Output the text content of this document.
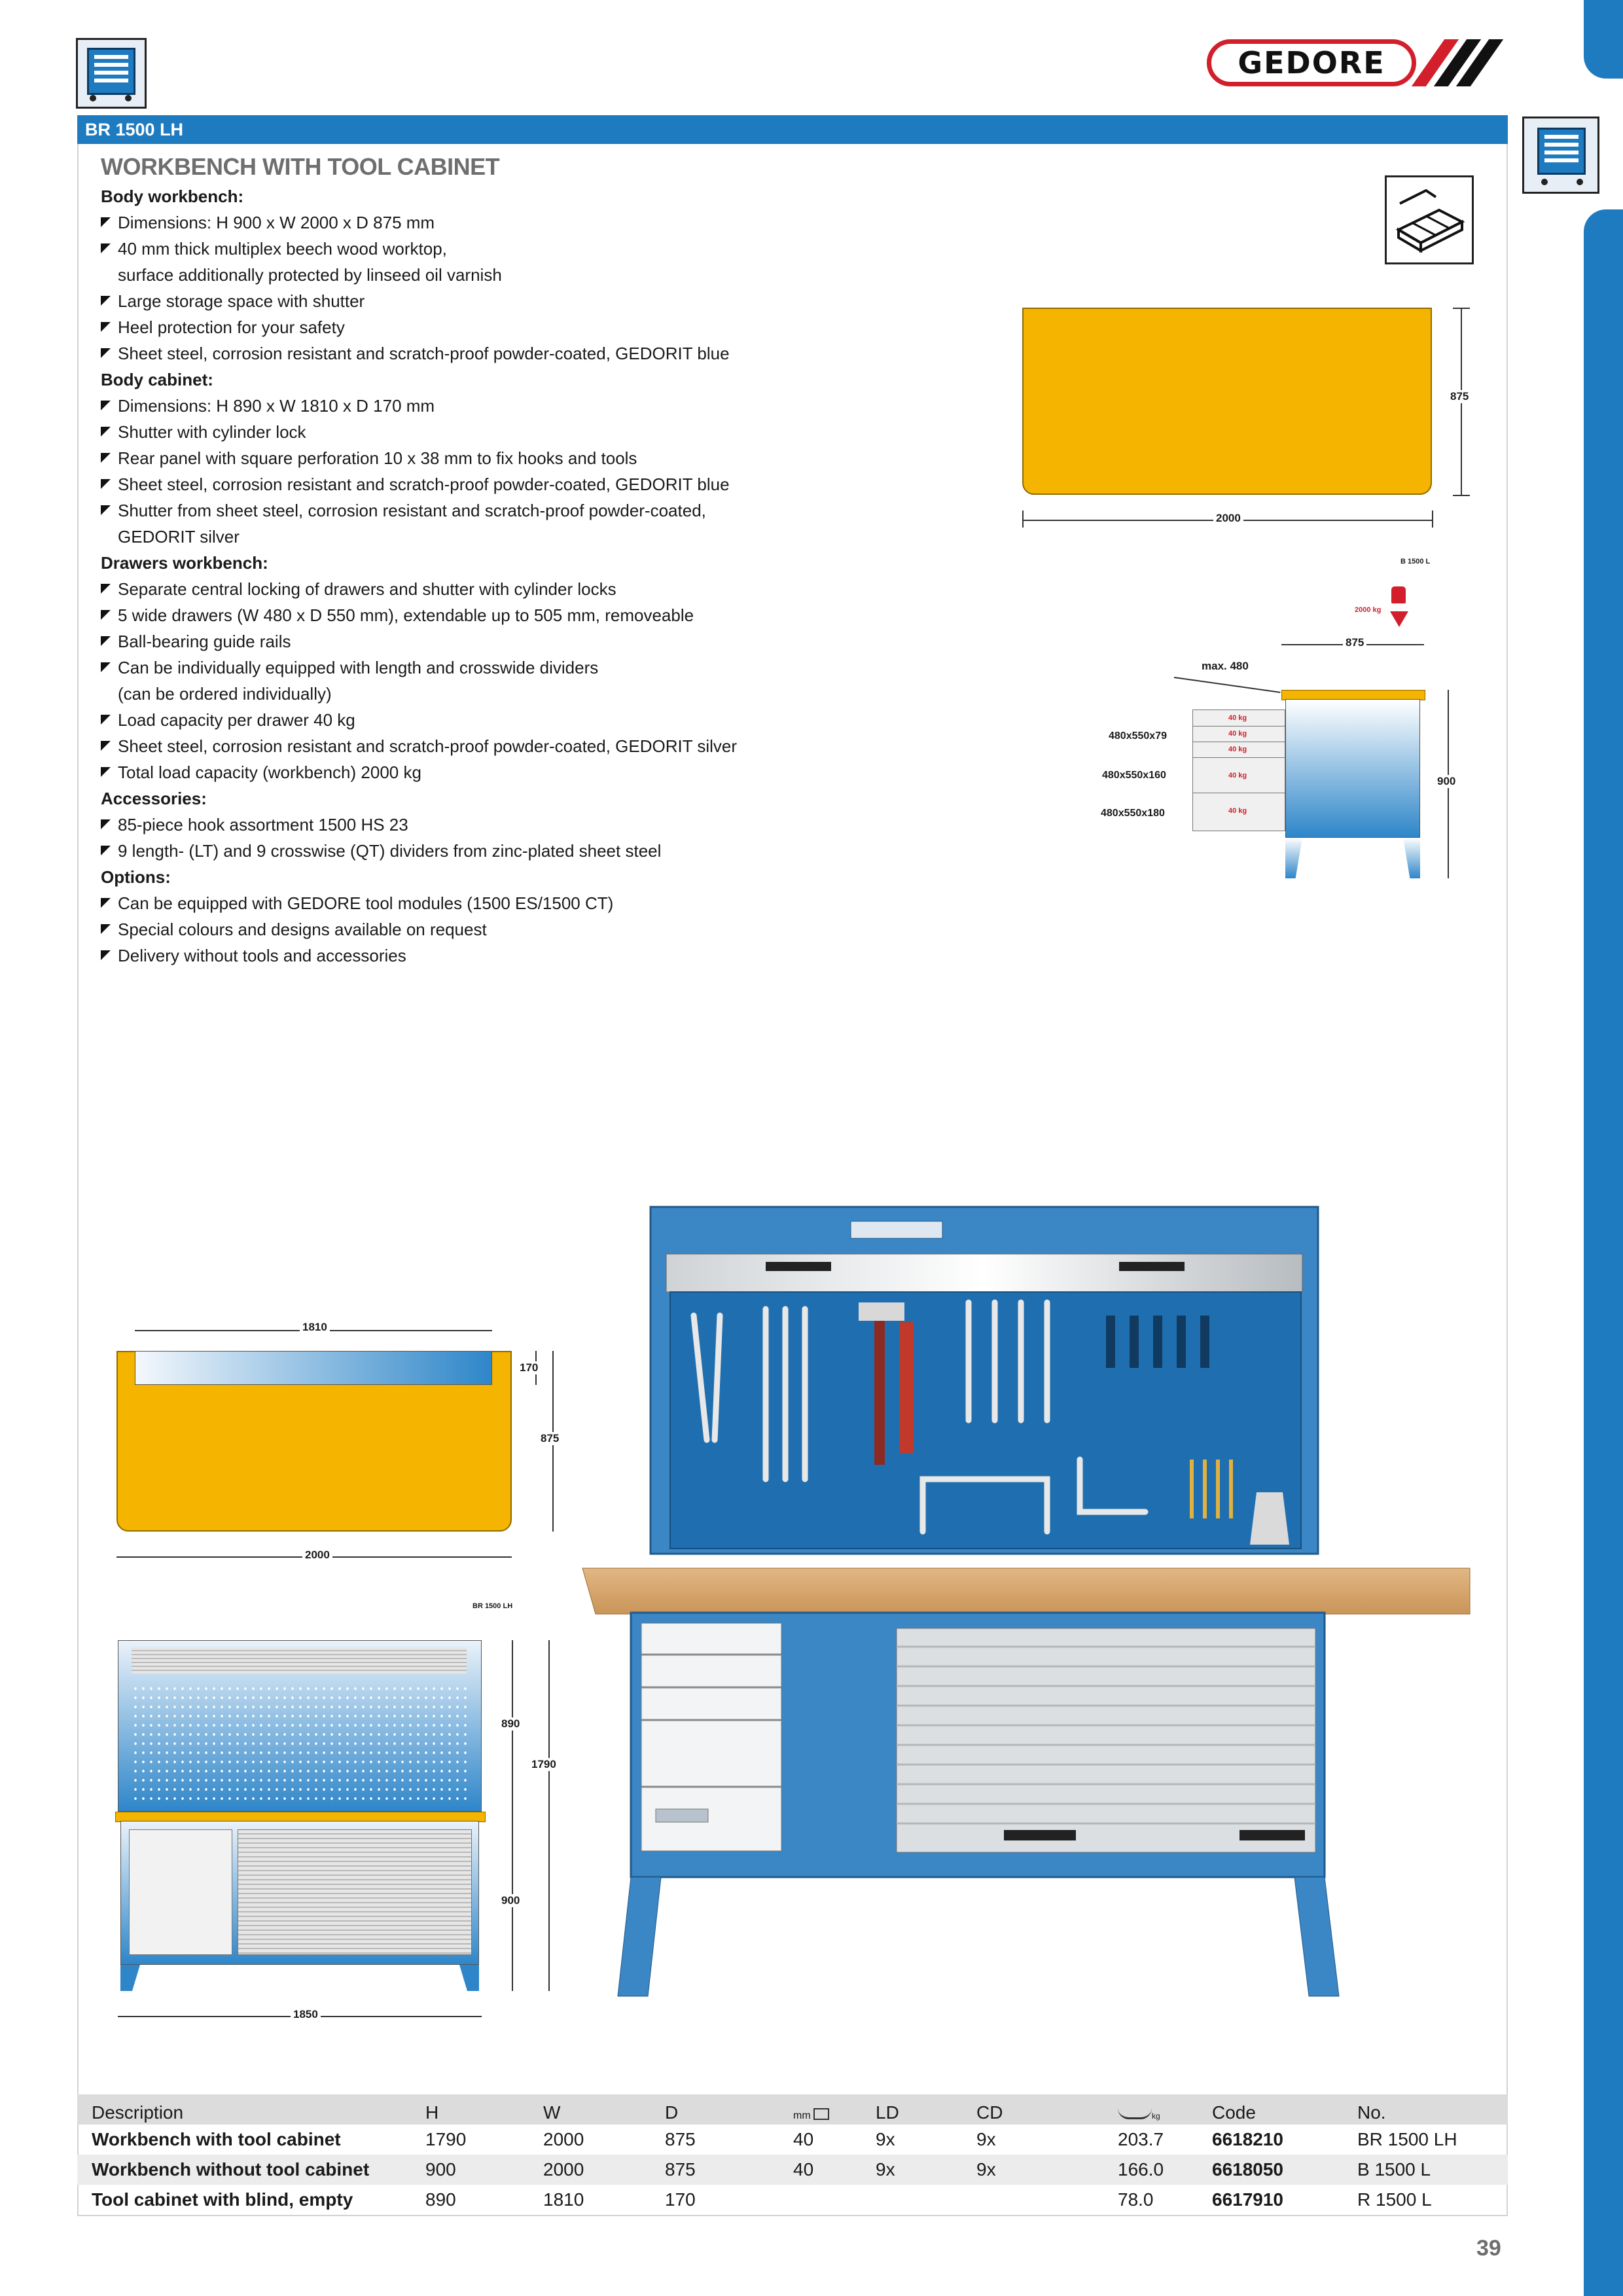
GEDORE
BR 1500 LH
WORKBENCH WITH TOOL CABINET
Body workbench:
Dimensions: H 900 x W 2000 x D 875 mm
40 mm thick multiplex beech wood worktop,
surface additionally protected by linseed oil varnish
Large storage space with shutter
Heel protection for your safety
Sheet steel, corrosion resistant and scratch-proof powder-coated, GEDORIT blue
Body cabinet:
Dimensions: H 890 x W 1810 x D 170 mm
Shutter with cylinder lock
Rear panel with square perforation 10 x 38 mm to fix hooks and tools
Sheet steel, corrosion resistant and scratch-proof powder-coated, GEDORIT blue
Shutter from sheet steel, corrosion resistant and scratch-proof powder-coated,
GEDORIT silver
Drawers workbench:
Separate central locking of drawers and shutter with cylinder locks
5 wide drawers (W 480 x D 550 mm), extendable up to 505 mm, removeable
Ball-bearing guide rails
Can be individually equipped with length and crosswide dividers
(can be ordered individually)
Load capacity per drawer 40 kg
Sheet steel, corrosion resistant and scratch-proof powder-coated, GEDORIT silver
Total load capacity (workbench) 2000 kg
Accessories:
85-piece hook assortment 1500 HS 23
9 length- (LT) and 9 crosswise (QT) dividers from zinc-plated sheet steel
Options:
Can be equipped with GEDORE tool modules (1500 ES/1500 CT)
Special colours and designs available on request
Delivery without tools and accessories
875
2000
B 1500 L
2000 kg
875
max. 480
40 kg
40 kg
40 kg
40 kg
40 kg
480x550x79
480x550x160
480x550x180
900
1810
170
875
2000
BR 1500 LH
890
1790
900
1850
Description	H	W	D	mm	LD	CD	kg	Code	No.
Workbench with tool cabinet	1790	2000	875	40	9x	9x	203.7	6618210	BR 1500 LH
Workbench without tool cabinet	900	2000	875	40	9x	9x	166.0	6618050	B 1500 L
Tool cabinet with blind, empty	890	1810	170				78.0	6617910	R 1500 L
39
